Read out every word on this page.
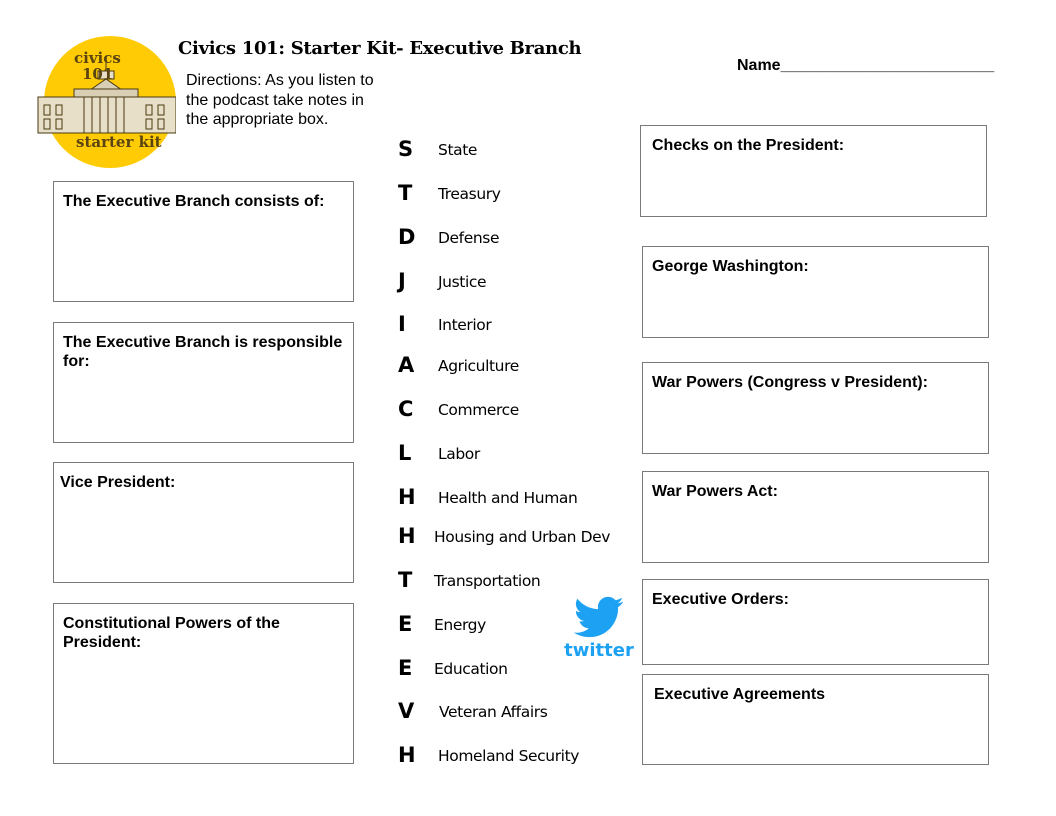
civics
101
starter kit
Civics 101: Starter Kit- Executive Branch
Directions: As you listen to the podcast take notes in the appropriate box.
Name________________________
The Executive Branch consists of:
The Executive Branch is responsible for:
Vice President:
Constitutional Powers of the President:
S State
T Treasury
D Defense
J Justice
I Interior
A Agriculture
C Commerce
L Labor
H Health and Human
H Housing and Urban Dev
T Transportation
E Energy
E Education
V Veteran Affairs
H Homeland Security
twitter
Checks on the President:
George Washington:
War Powers (Congress v President):
War Powers Act:
Executive Orders:
Executive Agreements
